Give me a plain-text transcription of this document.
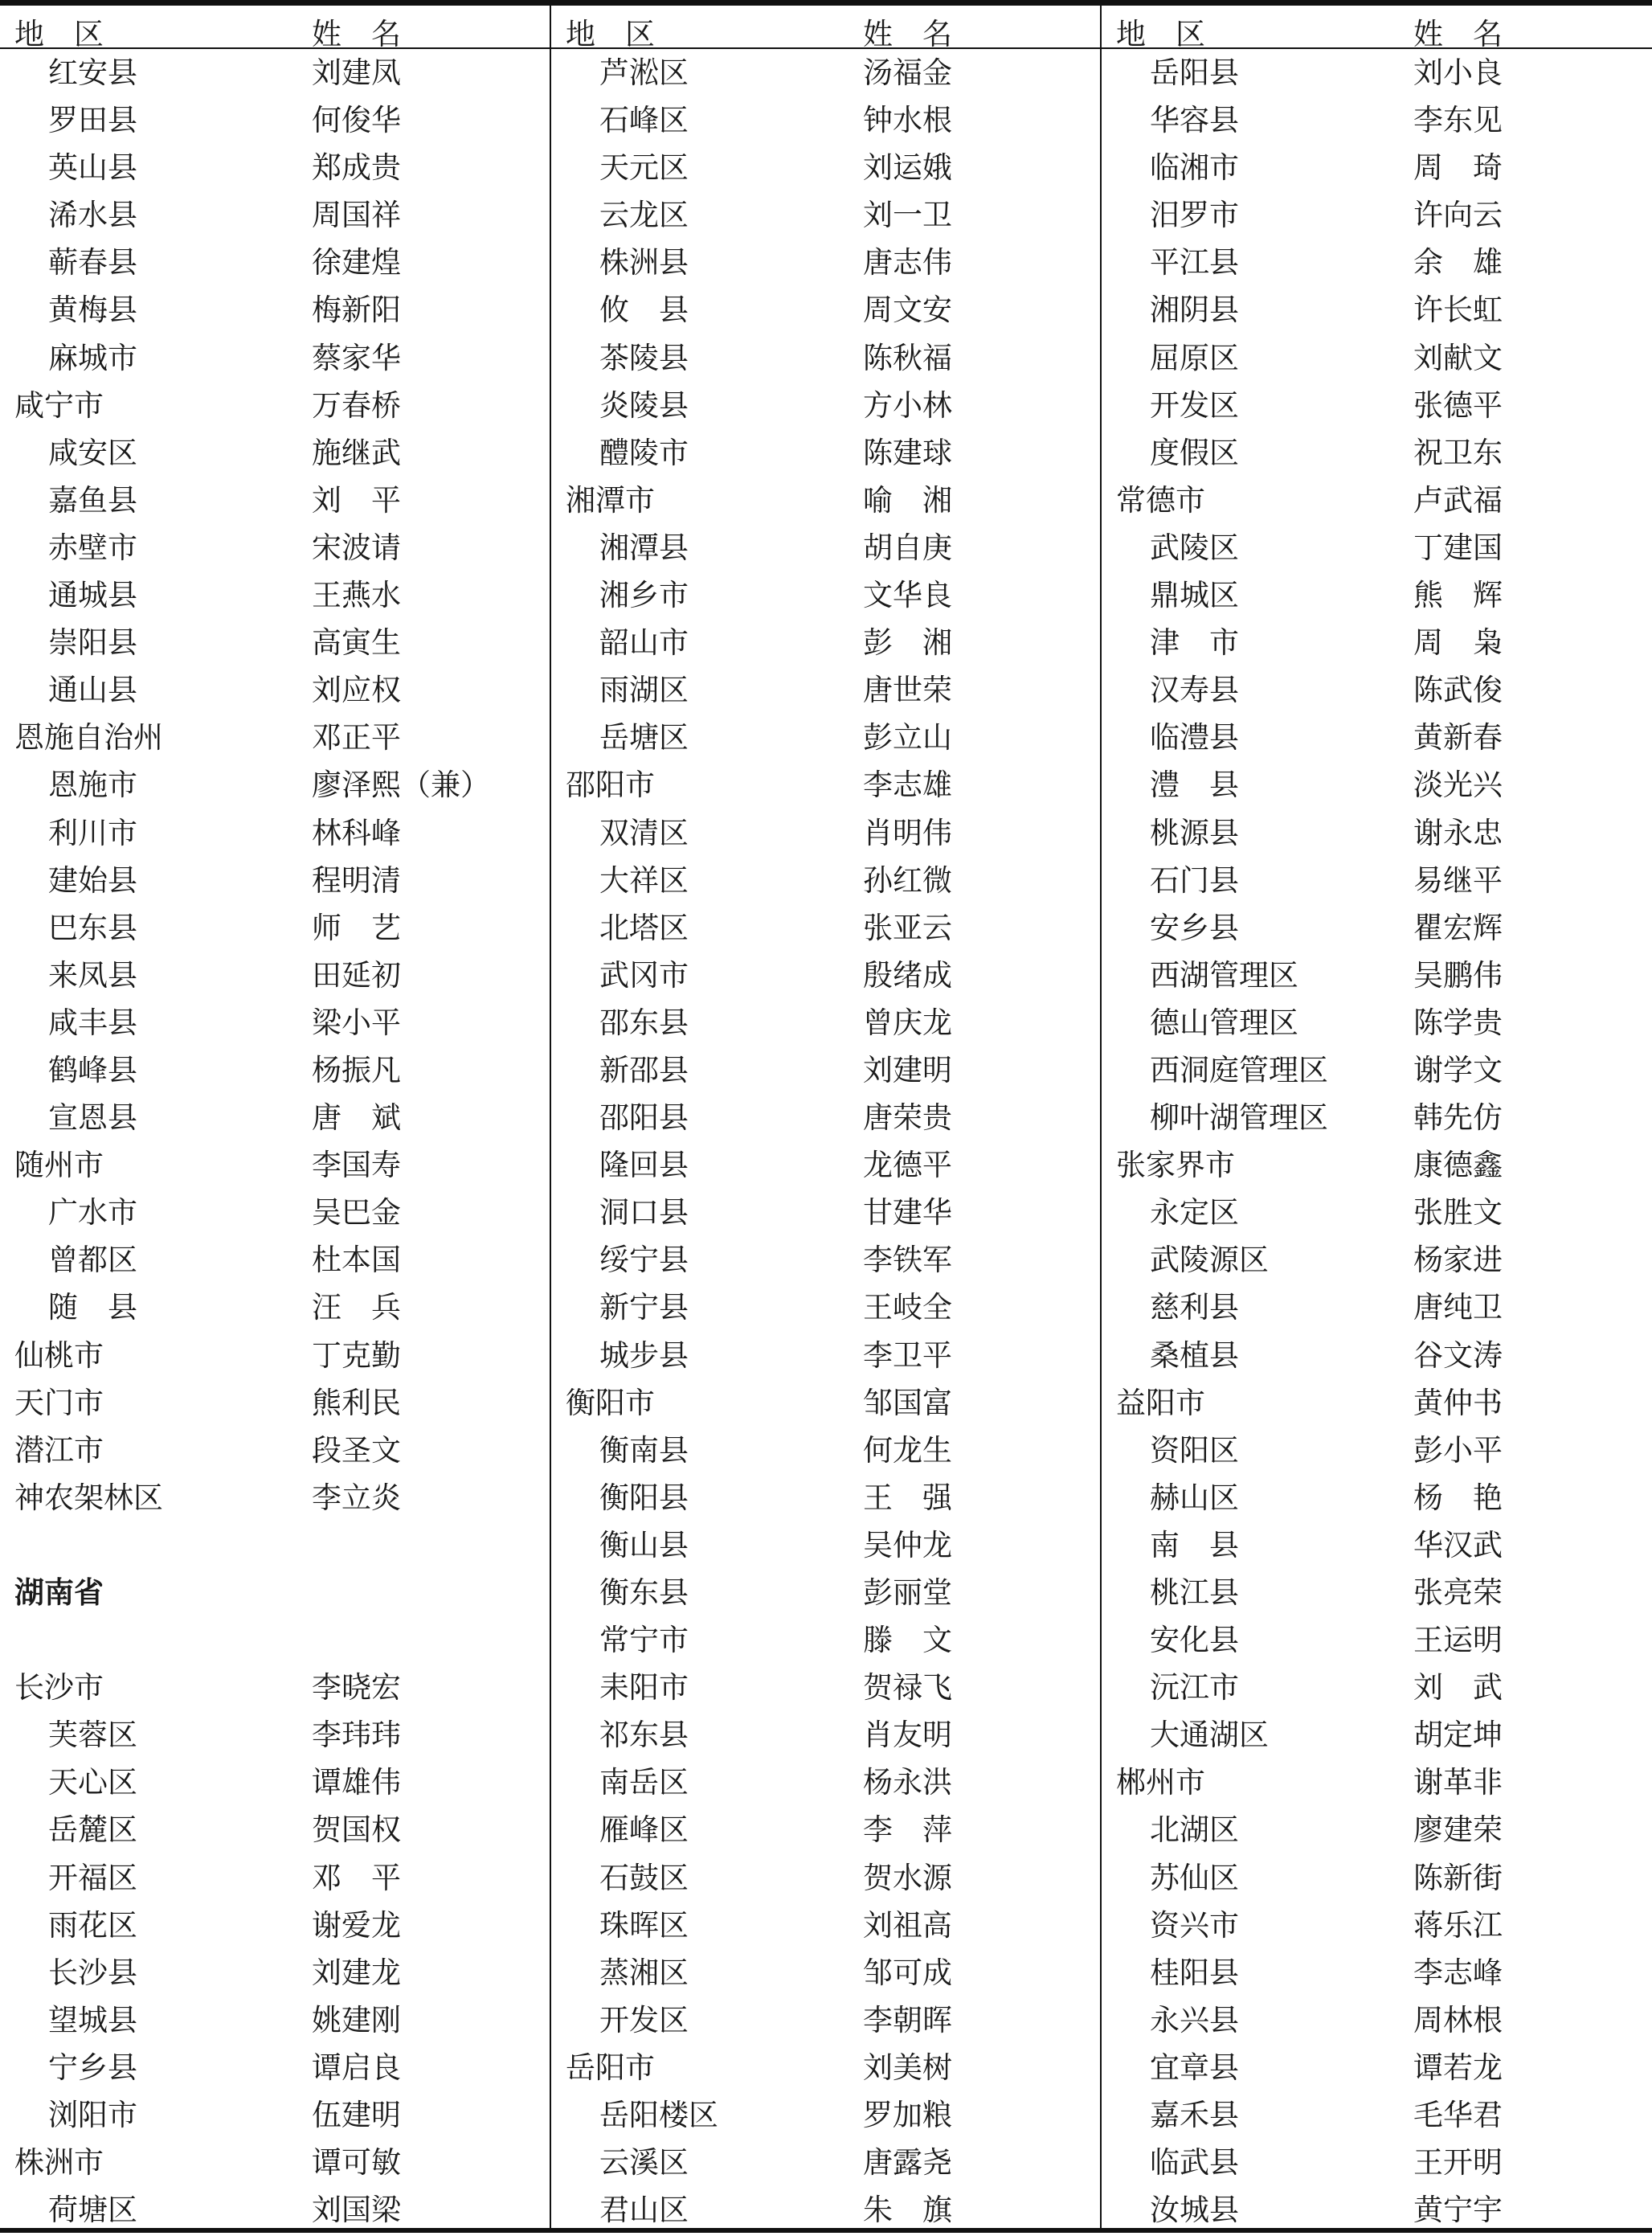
地　区	姓　名
红安县	刘建凤
罗田县	何俊华
英山县	郑成贵
浠水县	周国祥
蕲春县	徐建煌
黄梅县	梅新阳
麻城市	蔡家华
咸宁市	万春桥
咸安区	施继武
嘉鱼县	刘　平
赤壁市	宋波请
通城县	王燕水
崇阳县	高寅生
通山县	刘应权
恩施自治州	邓正平
恩施市	廖泽熙（兼）
利川市	林科峰
建始县	程明清
巴东县	师　艺
来凤县	田延初
咸丰县	梁小平
鹤峰县	杨振凡
宣恩县	唐　斌
随州市	李国寿
广水市	吴巴金
曾都区	杜本国
随　县	汪　兵
仙桃市	丁克勤
天门市	熊利民
潜江市	段圣文
神农架林区	李立炎
湖南省
长沙市	李晓宏
芙蓉区	李玮玮
天心区	谭雄伟
岳麓区	贺国权
开福区	邓　平
雨花区	谢爱龙
长沙县	刘建龙
望城县	姚建刚
宁乡县	谭启良
浏阳市	伍建明
株洲市	谭可敏
荷塘区	刘国梁
地　区	姓　名
芦淞区	汤福金
石峰区	钟水根
天元区	刘运娥
云龙区	刘一卫
株洲县	唐志伟
攸　县	周文安
茶陵县	陈秋福
炎陵县	方小林
醴陵市	陈建球
湘潭市	喻　湘
湘潭县	胡自庚
湘乡市	文华良
韶山市	彭　湘
雨湖区	唐世荣
岳塘区	彭立山
邵阳市	李志雄
双清区	肖明伟
大祥区	孙红微
北塔区	张亚云
武冈市	殷绪成
邵东县	曾庆龙
新邵县	刘建明
邵阳县	唐荣贵
隆回县	龙德平
洞口县	甘建华
绥宁县	李铁军
新宁县	王岐全
城步县	李卫平
衡阳市	邹国富
衡南县	何龙生
衡阳县	王　强
衡山县	吴仲龙
衡东县	彭丽堂
常宁市	滕　文
耒阳市	贺禄飞
祁东县	肖友明
南岳区	杨永洪
雁峰区	李　萍
石鼓区	贺水源
珠晖区	刘祖高
蒸湘区	邹可成
开发区	李朝晖
岳阳市	刘美树
岳阳楼区	罗加粮
云溪区	唐露尧
君山区	朱　旗
地　区	姓　名
岳阳县	刘小良
华容县	李东见
临湘市	周　琦
汨罗市	许向云
平江县	余　雄
湘阴县	许长虹
屈原区	刘献文
开发区	张德平
度假区	祝卫东
常德市	卢武福
武陵区	丁建国
鼎城区	熊　辉
津　市	周　枭
汉寿县	陈武俊
临澧县	黄新春
澧　县	淡光兴
桃源县	谢永忠
石门县	易继平
安乡县	瞿宏辉
西湖管理区	吴鹏伟
德山管理区	陈学贵
西洞庭管理区	谢学文
柳叶湖管理区	韩先仿
张家界市	康德鑫
永定区	张胜文
武陵源区	杨家进
慈利县	唐纯卫
桑植县	谷文涛
益阳市	黄仲书
资阳区	彭小平
赫山区	杨　艳
南　县	华汉武
桃江县	张亮荣
安化县	王运明
沅江市	刘　武
大通湖区	胡定坤
郴州市	谢革非
北湖区	廖建荣
苏仙区	陈新街
资兴市	蒋乐江
桂阳县	李志峰
永兴县	周林根
宜章县	谭若龙
嘉禾县	毛华君
临武县	王开明
汝城县	黄宁宇
